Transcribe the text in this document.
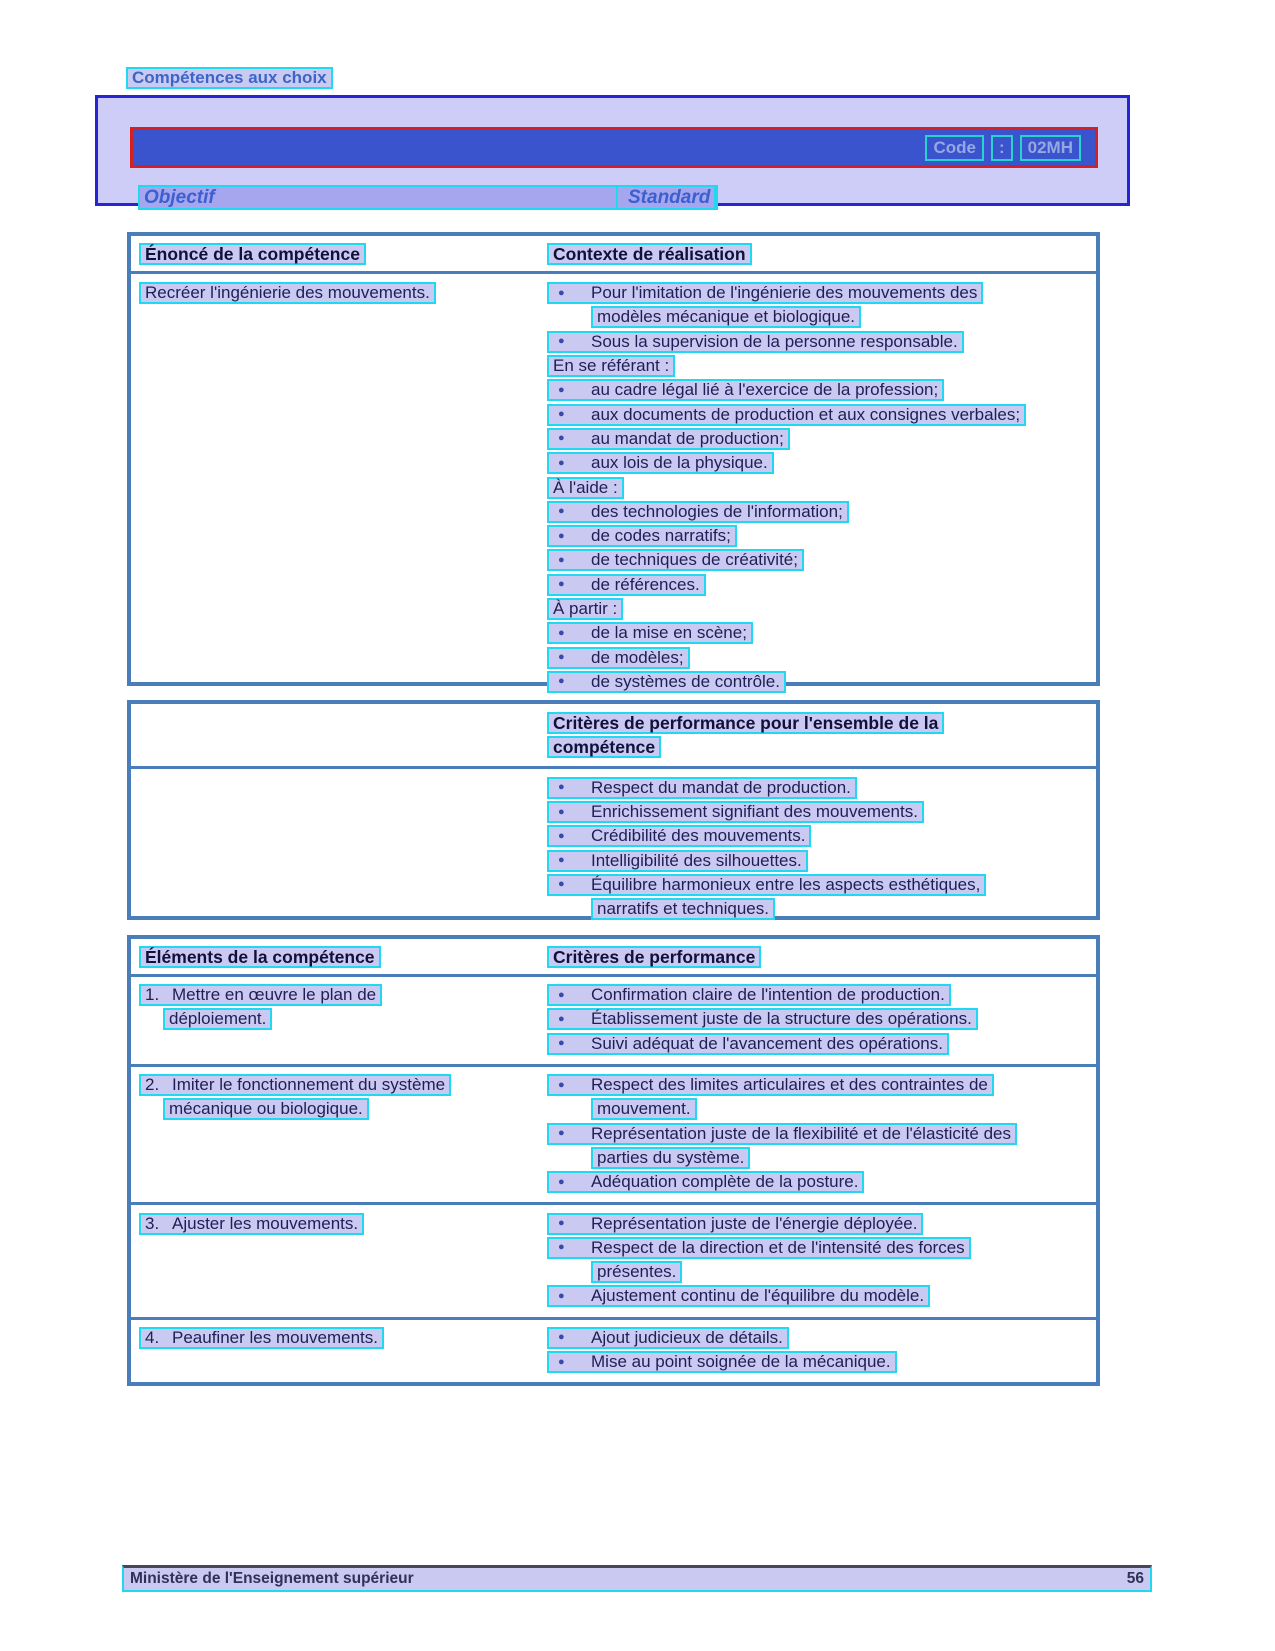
Compétences aux choix
Code	:	02MH
Objectif	Standard
Énoncé de la compétence	Contexte de réalisation
Recréer l'ingénierie des mouvements.	●	Pour l'imitation de l'ingénierie des mouvements des
modèles mécanique et biologique.
●	Sous la supervision de la personne responsable.
En se référant :
●	au cadre légal lié à l'exercice de la profession;
●	aux documents de production et aux consignes verbales;
●	au mandat de production;
●	aux lois de la physique.
À l'aide :
●	des technologies de l'information;
●	de codes narratifs;
●	de techniques de créativité;
●	de références.
À partir :
●	de la mise en scène;
●	de modèles;
●	de systèmes de contrôle.
Critères de performance pour l'ensemble de la
compétence
●	Respect du mandat de production.
●	Enrichissement signifiant des mouvements.
●	Crédibilité des mouvements.
●	Intelligibilité des silhouettes.
●	Équilibre harmonieux entre les aspects esthétiques,
narratifs et techniques.
Éléments de la compétence	Critères de performance
1. Mettre en œuvre le plan de
déploiement.
●	Confirmation claire de l'intention de production.
●	Établissement juste de la structure des opérations.
●	Suivi adéquat de l'avancement des opérations.
2. Imiter le fonctionnement du système
mécanique ou biologique.
●	Respect des limites articulaires et des contraintes de
mouvement.
●	Représentation juste de la flexibilité et de l'élasticité des
parties du système.
●	Adéquation complète de la posture.
3. Ajuster les mouvements.	●	Représentation juste de l'énergie déployée.
●	Respect de la direction et de l'intensité des forces
présentes.
●	Ajustement continu de l'équilibre du modèle.
4. Peaufiner les mouvements.	●	Ajout judicieux de détails.
●	Mise au point soignée de la mécanique.
Ministère de l'Enseignement supérieur	56
